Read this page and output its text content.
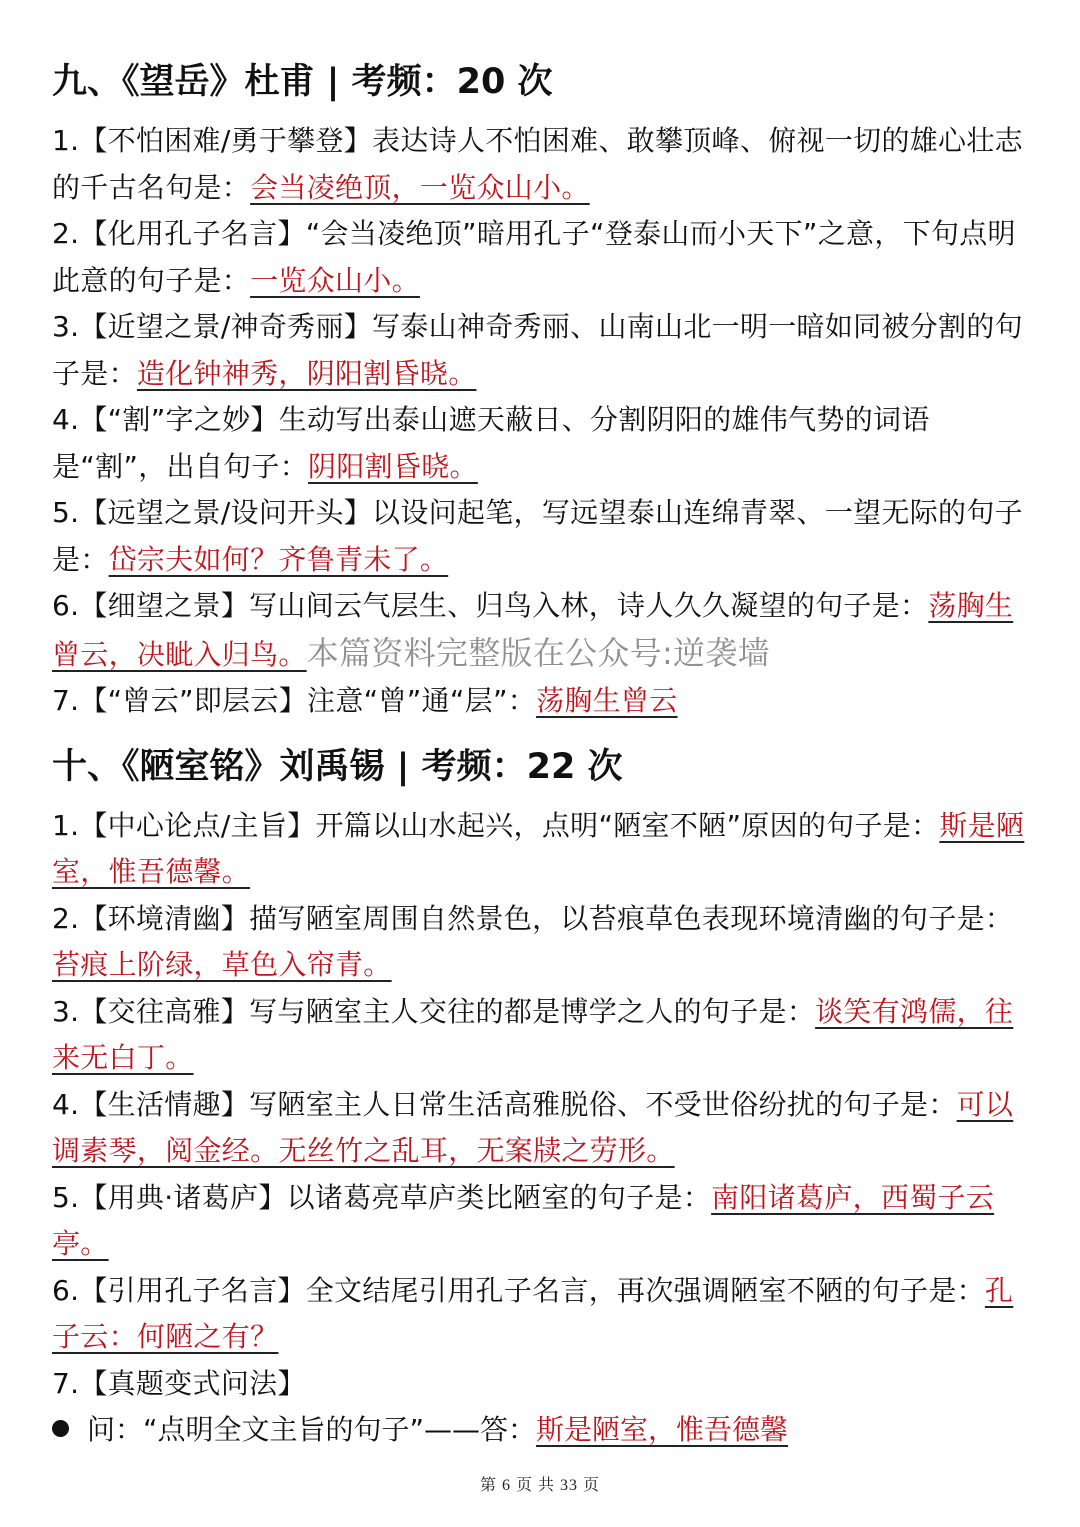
九、《望岳》杜甫 | 考频：20 次

1.【不怕困难/勇于攀登】表达诗人不怕困难、敢攀顶峰、俯视一切的雄心壮志的千古名句是：会当凌绝顶，一览众山小。

2.【化用孔子名言】“会当凌绝顶”暗用孔子“登泰山而小天下”之意，下句点明此意的句子是：一览众山小。

3.【近望之景/神奇秀丽】写泰山神奇秀丽、山南山北一明一暗如同被分割的句子是：造化钟神秀，阴阳割昏晓。

4.【“割”字之妙】生动写出泰山遮天蔽日、分割阴阳的雄伟气势的词语是“割”，出自句子：阴阳割昏晓。

5.【远望之景/设问开头】以设问起笔，写远望泰山连绵青翠、一望无际的句子是：岱宗夫如何？齐鲁青未了。

6.【细望之景】写山间云气层生、归鸟入林，诗人久久凝望的句子是：荡胸生曾云，决眦入归鸟。本篇资料完整版在公众号:逆袭墙

7.【“曾云”即层云】注意“曾”通“层”：荡胸生曾云

十、《陋室铭》刘禹锡 | 考频：22 次

1.【中心论点/主旨】开篇以山水起兴，点明“陋室不陋”原因的句子是：斯是陋室，惟吾德馨。

2.【环境清幽】描写陋室周围自然景色，以苔痕草色表现环境清幽的句子是：苔痕上阶绿，草色入帘青。

3.【交往高雅】写与陋室主人交往的都是博学之人的句子是：谈笑有鸿儒，往来无白丁。

4.【生活情趣】写陋室主人日常生活高雅脱俗、不受世俗纷扰的句子是：可以调素琴，阅金经。无丝竹之乱耳，无案牍之劳形。

5.【用典·诸葛庐】以诸葛亮草庐类比陋室的句子是：南阳诸葛庐，西蜀子云亭。

6.【引用孔子名言】全文结尾引用孔子名言，再次强调陋室不陋的句子是：孔子云：何陋之有？

7.【真题变式问法】

问：“点明全文主旨的句子”——答：斯是陋室，惟吾德馨

第 6 页 共 33 页
